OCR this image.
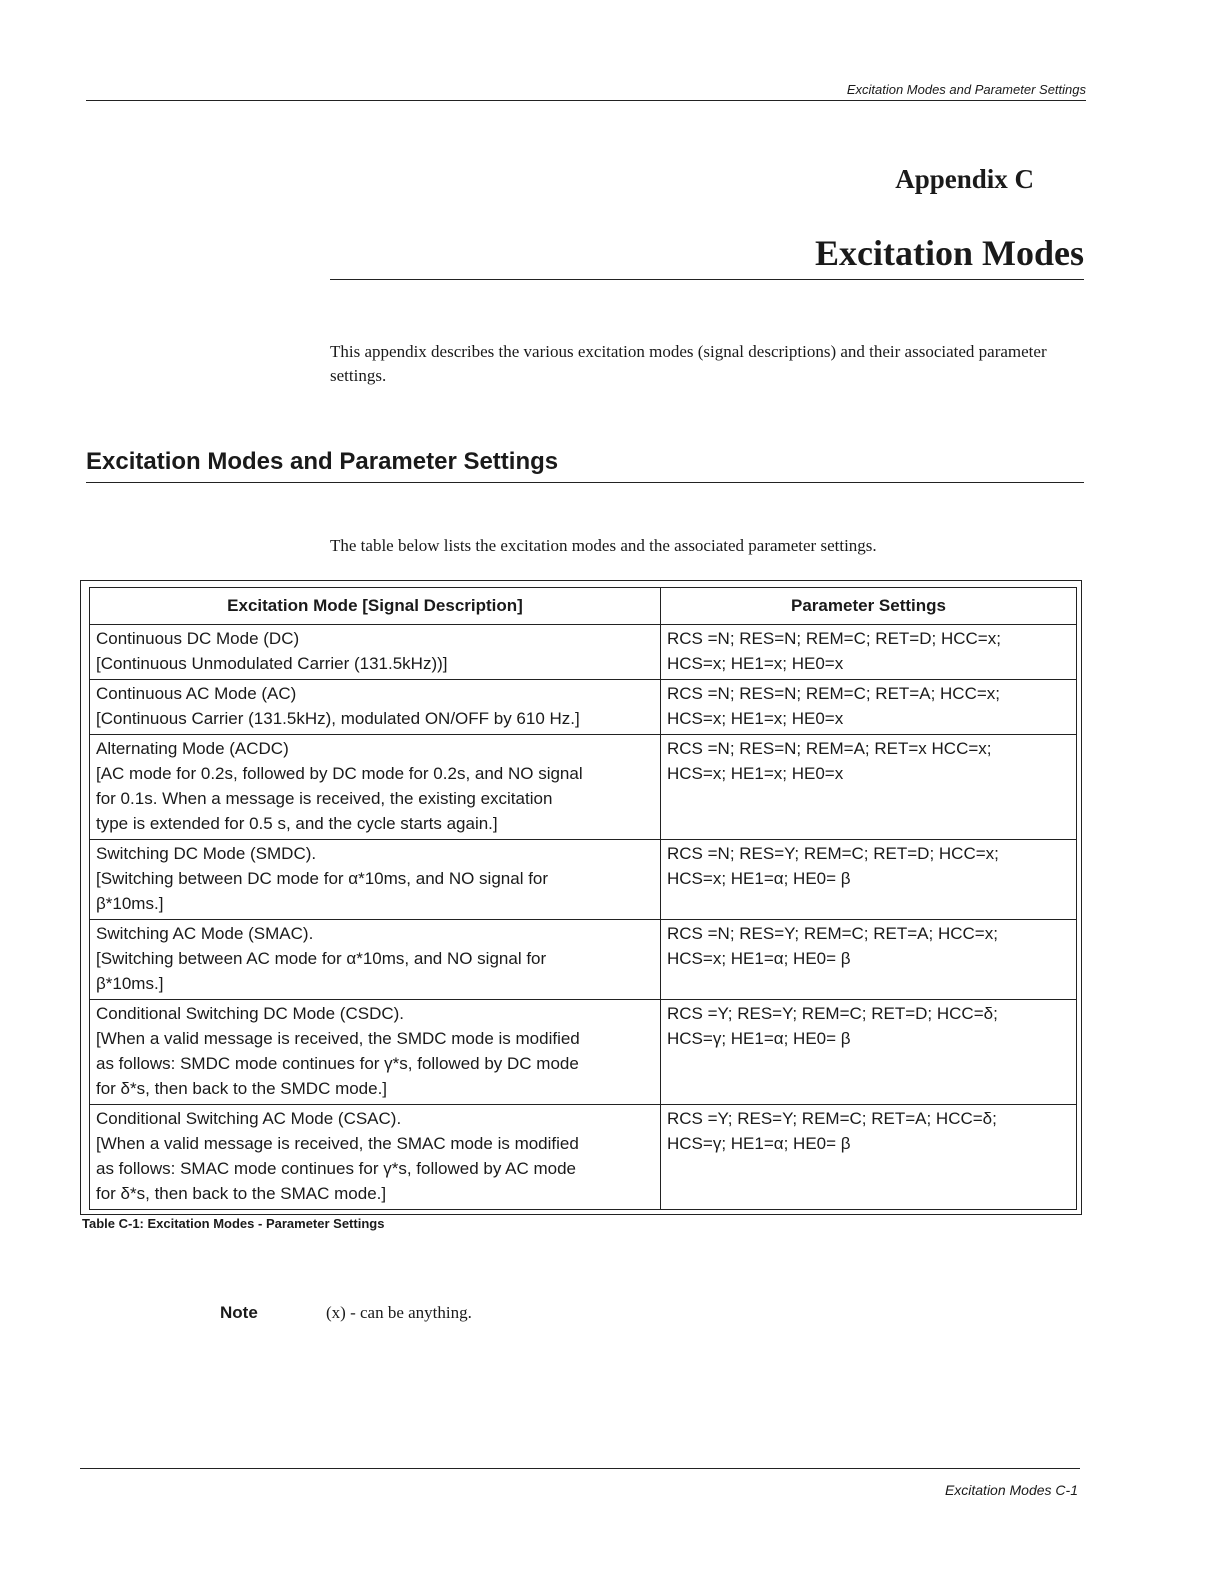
Excitation Modes and Parameter Settings
Appendix C
Excitation Modes
This appendix describes the various excitation modes (signal descriptions) and their associated parameter settings.
Excitation Modes and Parameter Settings
The table below lists the excitation modes and the associated parameter settings.
Excitation Mode [Signal Description]	Parameter Settings

Continuous DC Mode (DC)
[Continuous Unmodulated Carrier (131.5kHz))]	RCS =N; RES=N; REM=C; RET=D; HCC=x;
HCS=x; HE1=x; HE0=x

Continuous AC Mode (AC)
[Continuous Carrier (131.5kHz), modulated ON/OFF by 610 Hz.]	RCS =N; RES=N; REM=C; RET=A; HCC=x;
HCS=x; HE1=x; HE0=x

Alternating Mode (ACDC)
[AC mode for 0.2s, followed by DC mode for 0.2s, and NO signal
for 0.1s. When a message is received, the existing excitation
type is extended for 0.5 s, and the cycle starts again.]	RCS =N; RES=N; REM=A; RET=x HCC=x;
HCS=x; HE1=x; HE0=x

Switching DC Mode (SMDC).
[Switching between DC mode for α*10ms, and NO signal for
β*10ms.]	RCS =N; RES=Y; REM=C; RET=D; HCC=x;
HCS=x; HE1=α; HE0= β

Switching AC Mode (SMAC).
[Switching between AC mode for α*10ms, and NO signal for
β*10ms.]	RCS =N; RES=Y; REM=C; RET=A; HCC=x;
HCS=x; HE1=α; HE0= β

Conditional Switching DC Mode (CSDC).
[When a valid message is received, the SMDC mode is modified
as follows: SMDC mode continues for γ*s, followed by DC mode
for δ*s, then back to the SMDC mode.]	RCS =Y; RES=Y; REM=C; RET=D; HCC=δ;
HCS=γ; HE1=α; HE0= β

Conditional Switching AC Mode (CSAC).
[When a valid message is received, the SMAC mode is modified
as follows: SMAC mode continues for γ*s, followed by AC mode
for δ*s, then back to the SMAC mode.]	RCS =Y; RES=Y; REM=C; RET=A; HCC=δ;
HCS=γ; HE1=α; HE0= β
Table C-1: Excitation Modes - Parameter Settings
Note	(x) - can be anything.
Excitation Modes C-1
